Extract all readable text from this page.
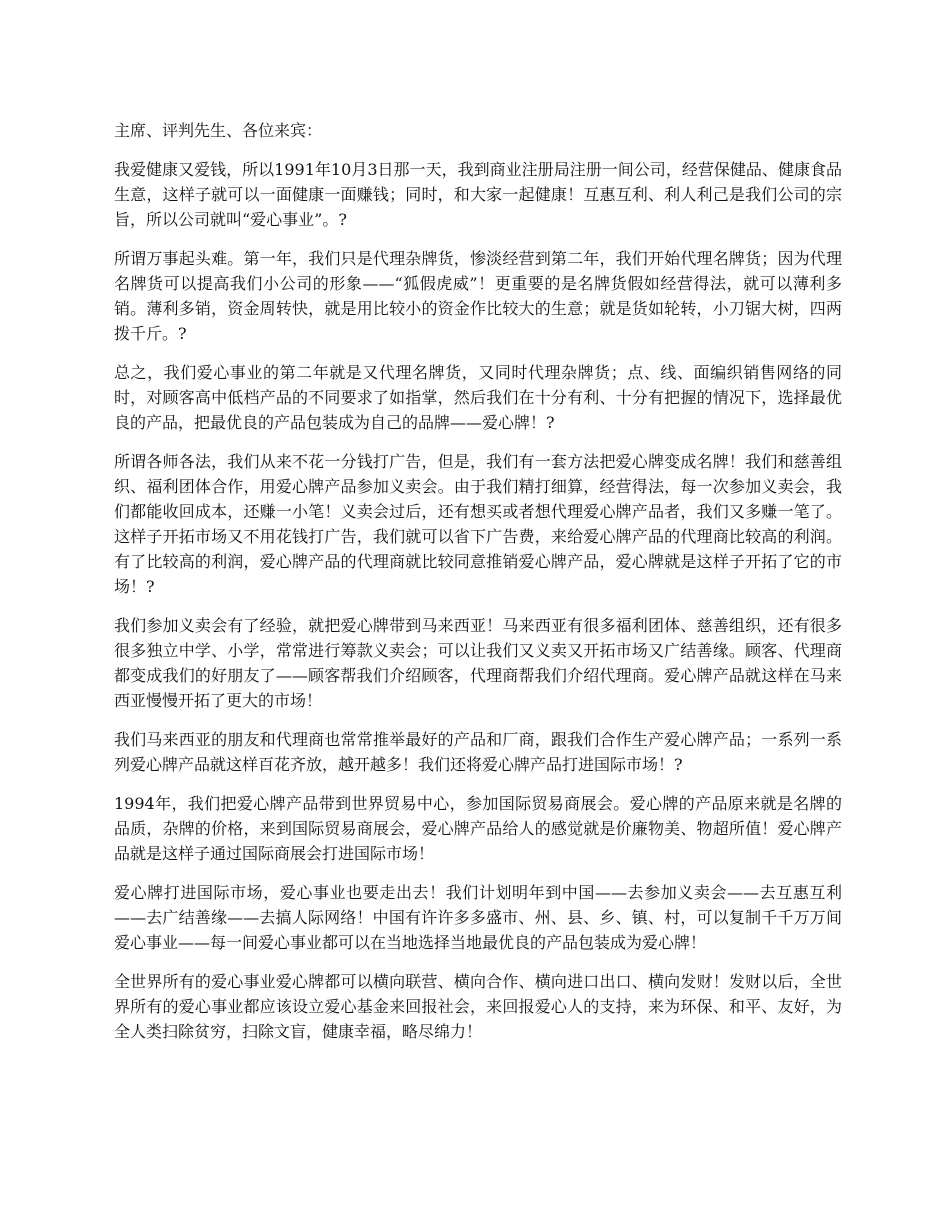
主席、评判先生、各位来宾：

我爱健康又爱钱，所以1991年10月3日那一天，我到商业注册局注册一间公司，经营保健品、健康食品生意，这样子就可以一面健康一面赚钱；同时，和大家一起健康！互惠互利、利人利己是我们公司的宗旨，所以公司就叫“爱心事业”。?

所谓万事起头难。第一年，我们只是代理杂牌货，惨淡经营到第二年，我们开始代理名牌货；因为代理名牌货可以提高我们小公司的形象——“狐假虎威”！更重要的是名牌货假如经营得法，就可以薄利多销。薄利多销，资金周转快，就是用比较小的资金作比较大的生意；就是货如轮转，小刀锯大树，四两拨千斤。?

总之，我们爱心事业的第二年就是又代理名牌货，又同时代理杂牌货；点、线、面编织销售网络的同时，对顾客高中低档产品的不同要求了如指掌，然后我们在十分有利、十分有把握的情况下，选择最优良的产品，把最优良的产品包装成为自己的品牌——爱心牌！?

所谓各师各法，我们从来不花一分钱打广告，但是，我们有一套方法把爱心牌变成名牌！我们和慈善组织、福利团体合作，用爱心牌产品参加义卖会。由于我们精打细算，经营得法，每一次参加义卖会，我们都能收回成本，还赚一小笔！义卖会过后，还有想买或者想代理爱心牌产品者，我们又多赚一笔了。这样子开拓市场又不用花钱打广告，我们就可以省下广告费，来给爱心牌产品的代理商比较高的利润。有了比较高的利润，爱心牌产品的代理商就比较同意推销爱心牌产品，爱心牌就是这样子开拓了它的市场！?

我们参加义卖会有了经验，就把爱心牌带到马来西亚！马来西亚有很多福利团体、慈善组织，还有很多很多独立中学、小学，常常进行筹款义卖会；可以让我们又义卖又开拓市场又广结善缘。顾客、代理商都变成我们的好朋友了——顾客帮我们介绍顾客，代理商帮我们介绍代理商。爱心牌产品就这样在马来西亚慢慢开拓了更大的市场！

我们马来西亚的朋友和代理商也常常推举最好的产品和厂商，跟我们合作生产爱心牌产品；一系列一系列爱心牌产品就这样百花齐放，越开越多！我们还将爱心牌产品打进国际市场！?

1994年，我们把爱心牌产品带到世界贸易中心，参加国际贸易商展会。爱心牌的产品原来就是名牌的品质，杂牌的价格，来到国际贸易商展会，爱心牌产品给人的感觉就是价廉物美、物超所值！爱心牌产品就是这样子通过国际商展会打进国际市场！

爱心牌打进国际市场，爱心事业也要走出去！我们计划明年到中国——去参加义卖会——去互惠互利——去广结善缘——去搞人际网络！中国有许许多多盛市、州、县、乡、镇、村，可以复制千千万万间爱心事业——每一间爱心事业都可以在当地选择当地最优良的产品包装成为爱心牌！

全世界所有的爱心事业爱心牌都可以横向联营、横向合作、横向进口出口、横向发财！发财以后，全世界所有的爱心事业都应该设立爱心基金来回报社会，来回报爱心人的支持，来为环保、和平、友好，为全人类扫除贫穷，扫除文盲，健康幸福，略尽绵力！
